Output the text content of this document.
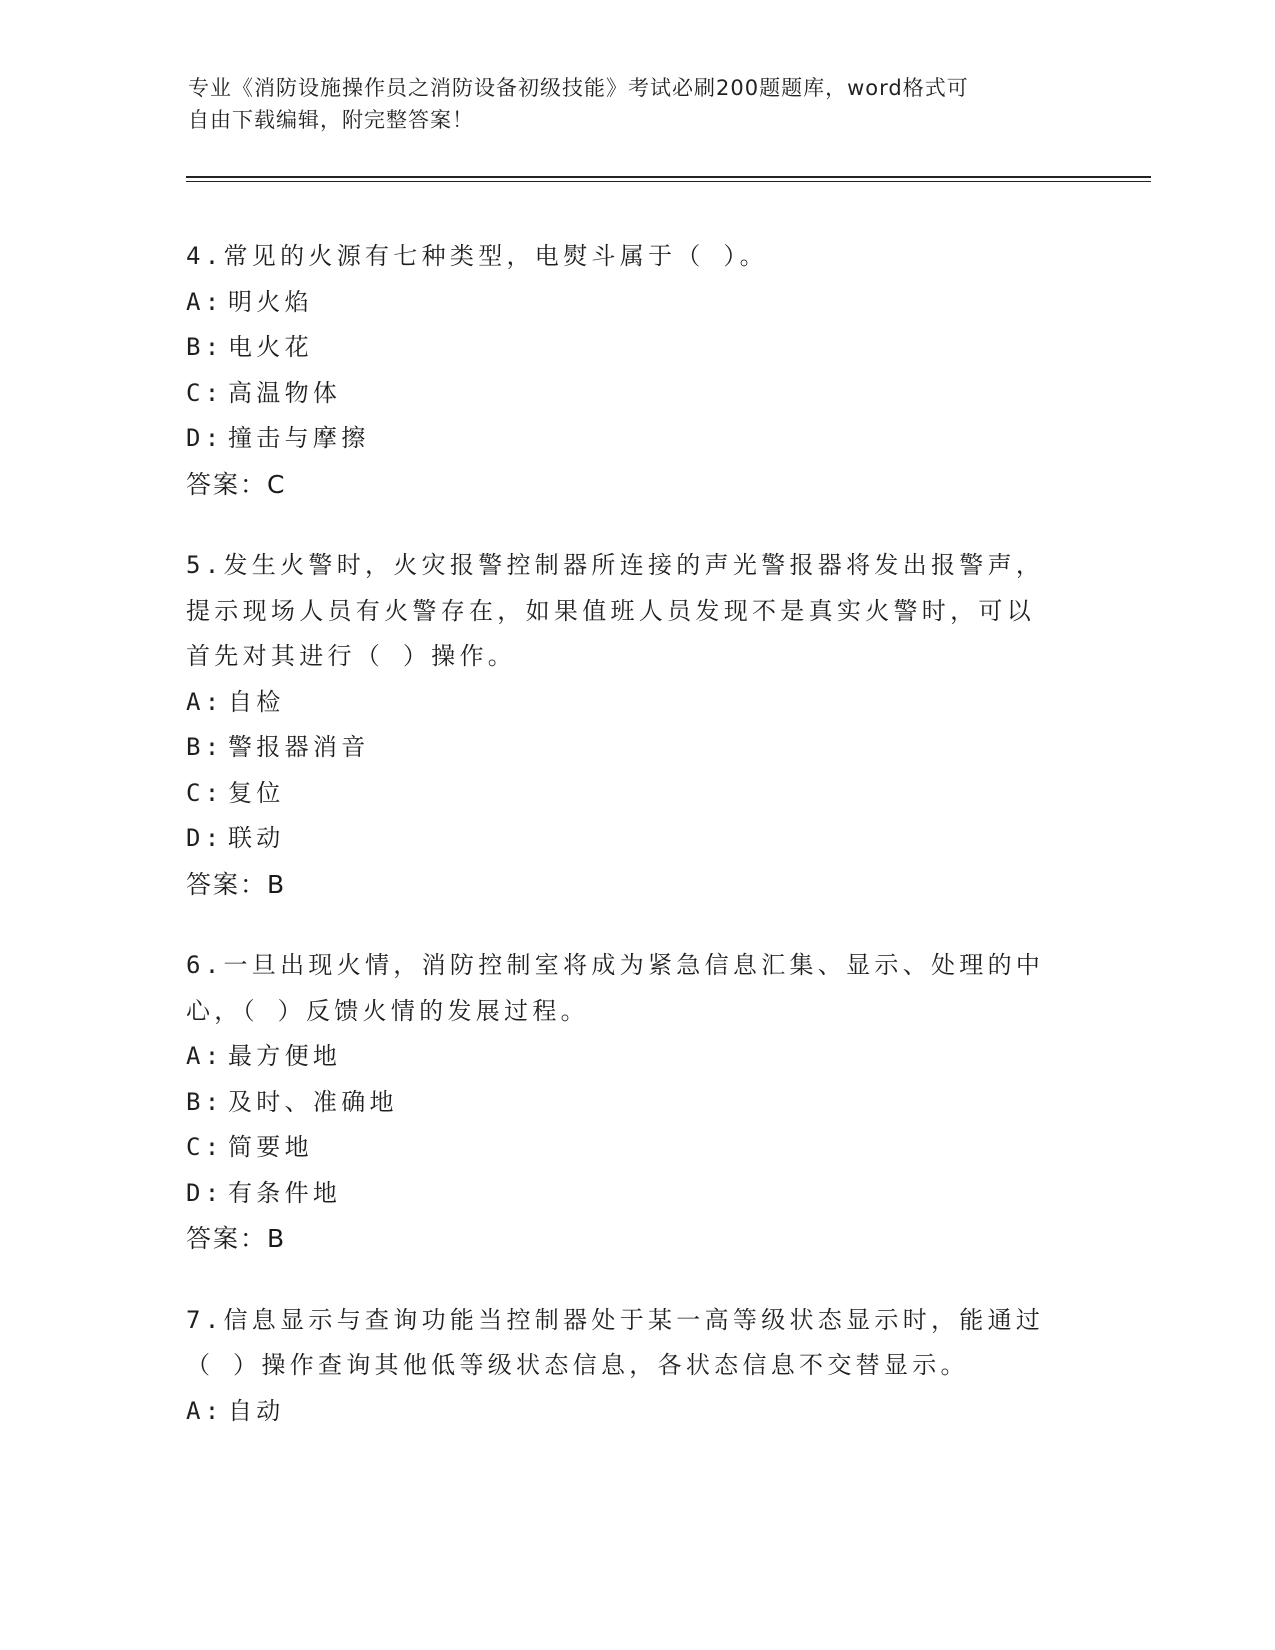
专业《消防设施操作员之消防设备初级技能》考试必刷200题题库，word格式可
自由下载编辑，附完整答案！
4.常见的火源有七种类型，电熨斗属于（ ）。
A: 明火焰
B: 电火花
C: 高温物体
D: 撞击与摩擦
答案：C
5.发生火警时，火灾报警控制器所连接的声光警报器将发出报警声，
提示现场人员有火警存在，如果值班人员发现不是真实火警时，可以
首先对其进行（ ）操作。
A: 自检
B: 警报器消音
C: 复位
D: 联动
答案：B
6.一旦出现火情，消防控制室将成为紧急信息汇集、显示、处理的中
心，（ ）反馈火情的发展过程。
A: 最方便地
B: 及时、准确地
C: 简要地
D: 有条件地
答案：B
7.信息显示与查询功能当控制器处于某一高等级状态显示时，能通过
（ ）操作查询其他低等级状态信息，各状态信息不交替显示。
A: 自动
